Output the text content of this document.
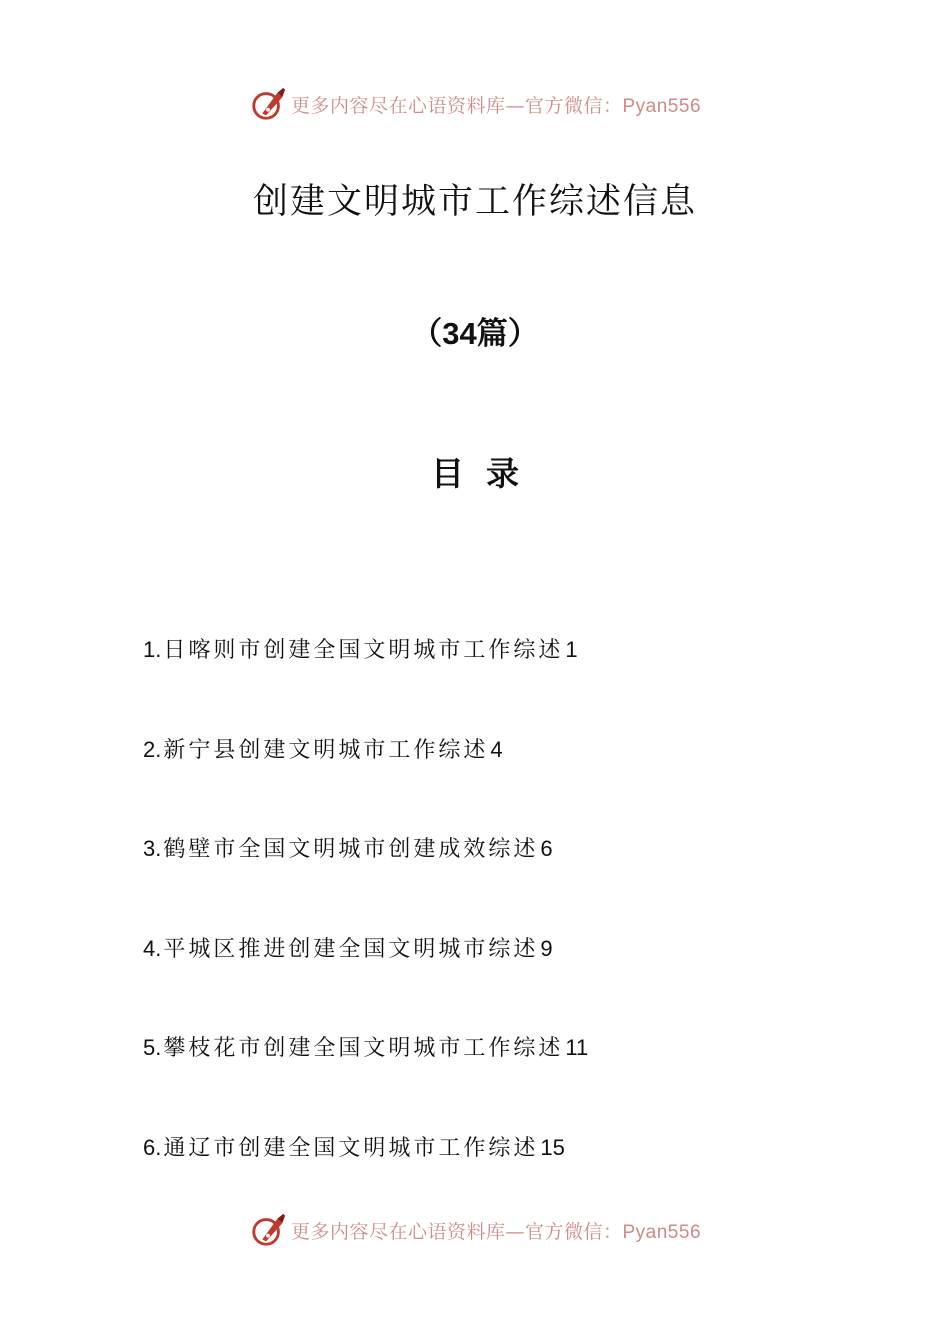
更多内容尽在心语资料库—官方微信：Pyan556
创建文明城市工作综述信息
（34篇）
目录
1.日喀则市创建全国文明城市工作综述1
2.新宁县创建文明城市工作综述4
3.鹤壁市全国文明城市创建成效综述6
4.平城区推进创建全国文明城市综述9
5.攀枝花市创建全国文明城市工作综述11
6.通辽市创建全国文明城市工作综述15
更多内容尽在心语资料库—官方微信：Pyan556
